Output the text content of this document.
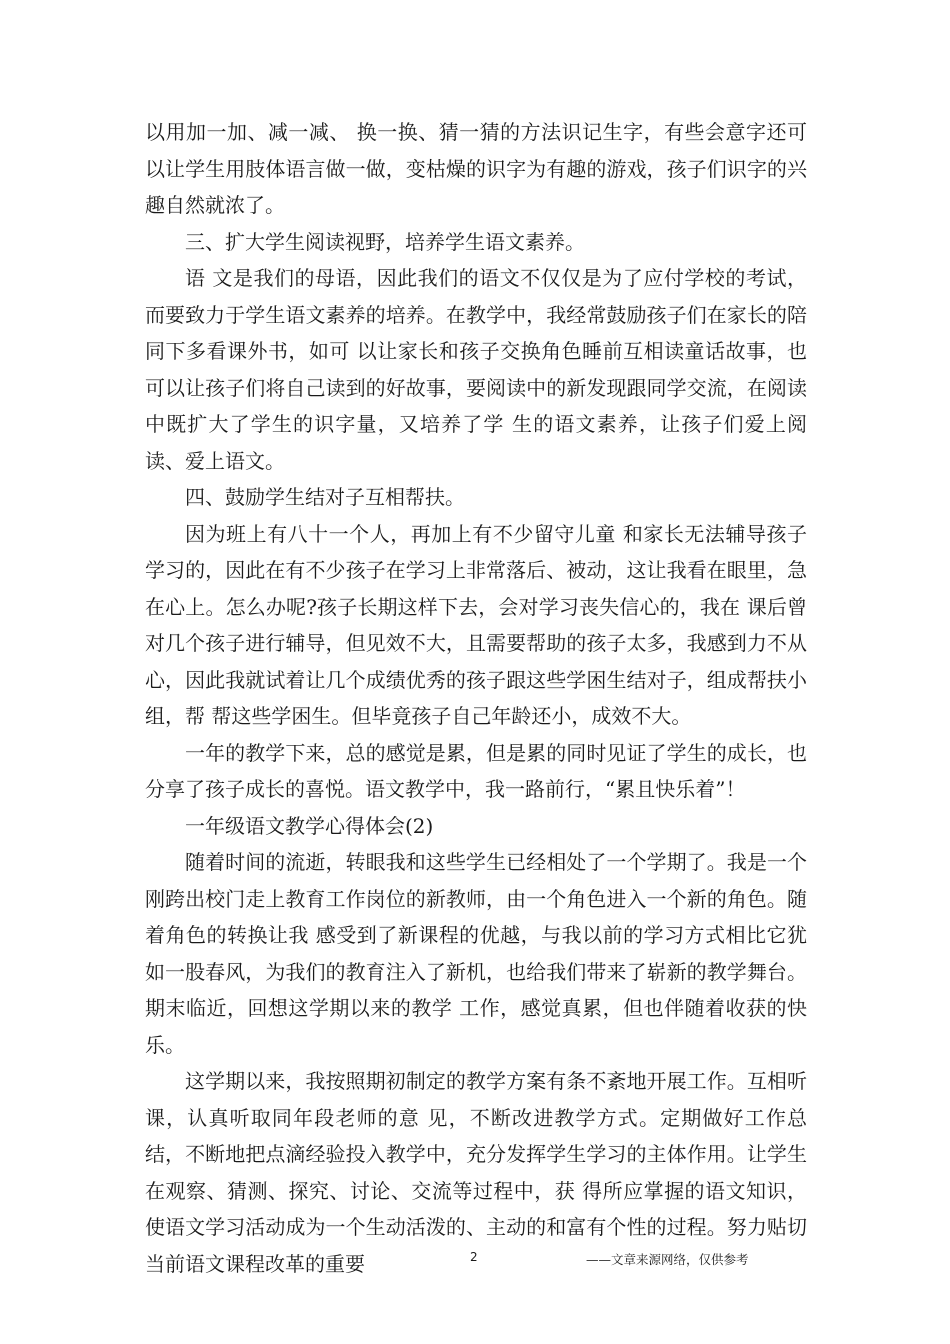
以用加一加、减一减、 换一换、猜一猜的方法识记生字，有些会意字还可以让学生用肢体语言做一做，变枯燥的识字为有趣的游戏，孩子们识字的兴趣自然就浓了。

三、扩大学生阅读视野，培养学生语文素养。

语 文是我们的母语，因此我们的语文不仅仅是为了应付学校的考试，而要致力于学生语文素养的培养。在教学中，我经常鼓励孩子们在家长的陪同下多看课外书，如可 以让家长和孩子交换角色睡前互相读童话故事，也可以让孩子们将自己读到的好故事，要阅读中的新发现跟同学交流，在阅读中既扩大了学生的识字量，又培养了学 生的语文素养，让孩子们爱上阅读、爱上语文。

四、鼓励学生结对子互相帮扶。

因为班上有八十一个人，再加上有不少留守儿童 和家长无法辅导孩子学习的，因此在有不少孩子在学习上非常落后、被动，这让我看在眼里，急在心上。怎么办呢?孩子长期这样下去，会对学习丧失信心的，我在 课后曾对几个孩子进行辅导，但见效不大，且需要帮助的孩子太多，我感到力不从心，因此我就试着让几个成绩优秀的孩子跟这些学困生结对子，组成帮扶小组，帮 帮这些学困生。但毕竟孩子自己年龄还小，成效不大。

一年的教学下来，总的感觉是累，但是累的同时见证了学生的成长，也分享了孩子成长的喜悦。语文教学中，我一路前行，“累且快乐着”！

一年级语文教学心得体会(2)

随着时间的流逝，转眼我和这些学生已经相处了一个学期了。我是一个刚跨出校门走上教育工作岗位的新教师，由一个角色进入一个新的角色。随着角色的转换让我 感受到了新课程的优越，与我以前的学习方式相比它犹如一股春风，为我们的教育注入了新机，也给我们带来了崭新的教学舞台。期末临近，回想这学期以来的教学 工作，感觉真累，但也伴随着收获的快乐。

这学期以来，我按照期初制定的教学方案有条不紊地开展工作。互相听课，认真听取同年段老师的意 见，不断改进教学方式。定期做好工作总结，不断地把点滴经验投入教学中，充分发挥学生学习的主体作用。让学生在观察、猜测、探究、讨论、交流等过程中，获 得所应掌握的语文知识，使语文学习活动成为一个生动活泼的、主动的和富有个性的过程。努力贴切当前语文课程改革的重要	2	——文章来源网络，仅供参考
